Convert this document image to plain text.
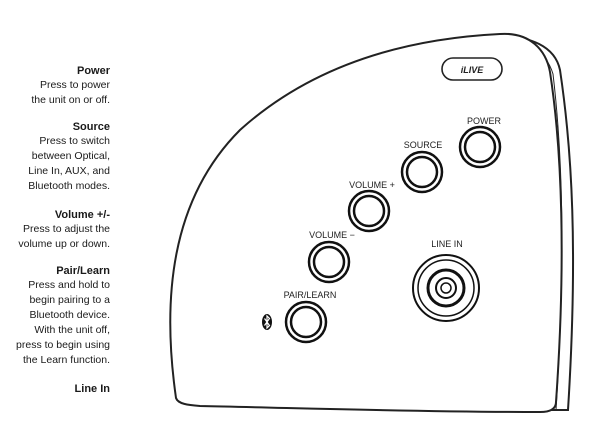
Power
Press to power
the unit on or off.
Source
Press to switch
between Optical,
Line In, AUX, and
Bluetooth modes.
Volume +/-
Press to adjust the
volume up or down.
Pair/Learn
Press and hold to
begin pairing to a
Bluetooth device.
With the unit off,
press to begin using
the Learn function.
Line In
iLIVE
POWER
SOURCE
VOLUME +
VOLUME −
PAIR/LEARN
LINE IN
